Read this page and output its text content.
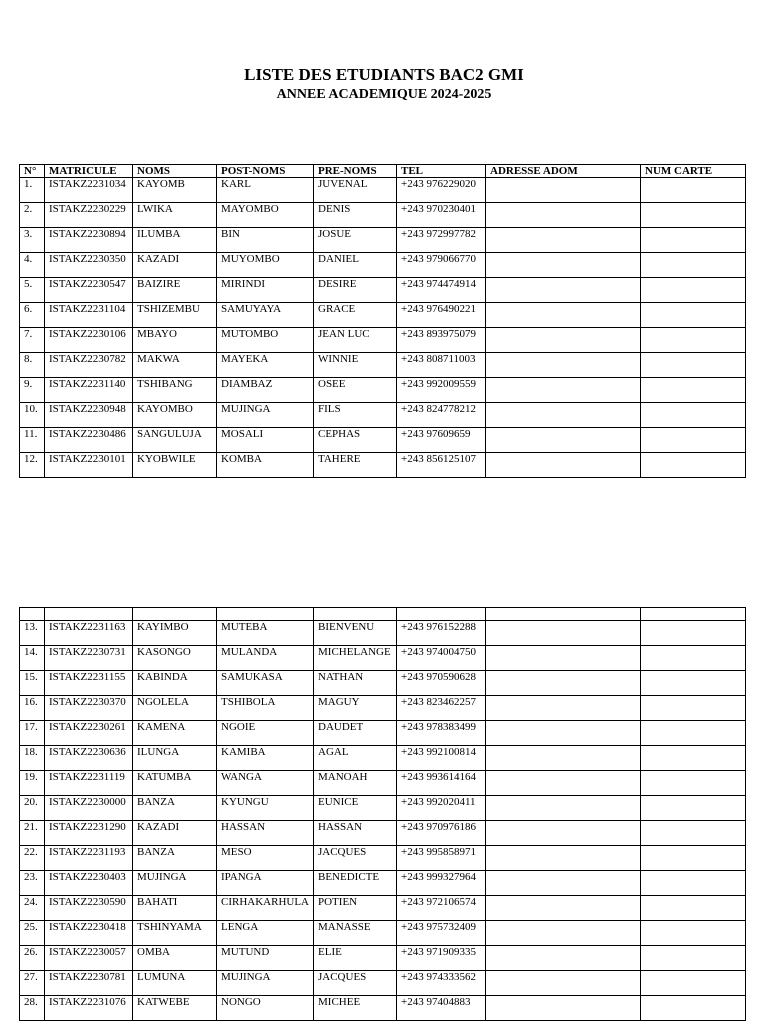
LISTE DES ETUDIANTS BAC2 GMI
ANNEE ACADEMIQUE 2024-2025
N°	MATRICULE	NOMS	POST-NOMS	PRE-NOMS	TEL	ADRESSE ADOM	NUM CARTE
1.	ISTAKZ2231034	KAYOMB	KARL	JUVENAL	+243 976229020		
2.	ISTAKZ2230229	LWIKA	MAYOMBO	DENIS	+243 970230401		
3.	ISTAKZ2230894	ILUMBA	BIN	JOSUE	+243 972997782		
4.	ISTAKZ2230350	KAZADI	MUYOMBO	DANIEL	+243 979066770		
5.	ISTAKZ2230547	BAIZIRE	MIRINDI	DESIRE	+243 974474914		
6.	ISTAKZ2231104	TSHIZEMBU	SAMUYAYA	GRACE	+243 976490221		
7.	ISTAKZ2230106	MBAYO	MUTOMBO	JEAN LUC	+243 893975079		
8.	ISTAKZ2230782	MAKWA	MAYEKA	WINNIE	+243 808711003		
9.	ISTAKZ2231140	TSHIBANG	DIAMBAZ	OSEE	+243 992009559		
10.	ISTAKZ2230948	KAYOMBO	MUJINGA	FILS	+243 824778212		
11.	ISTAKZ2230486	SANGULUJA	MOSALI	CEPHAS	+243 97609659		
12.	ISTAKZ2230101	KYOBWILE	KOMBA	TAHERE	+243 856125107		

13.	ISTAKZ2231163	KAYIMBO	MUTEBA	BIENVENU	+243 976152288		
14.	ISTAKZ2230731	KASONGO	MULANDA	MICHELANGE	+243 974004750		
15.	ISTAKZ2231155	KABINDA	SAMUKASA	NATHAN	+243 970590628		
16.	ISTAKZ2230370	NGOLELA	TSHIBOLA	MAGUY	+243 823462257		
17.	ISTAKZ2230261	KAMENA	NGOIE	DAUDET	+243 978383499		
18.	ISTAKZ2230636	ILUNGA	KAMIBA	AGAL	+243 992100814		
19.	ISTAKZ2231119	KATUMBA	WANGA	MANOAH	+243 993614164		
20.	ISTAKZ2230000	BANZA	KYUNGU	EUNICE	+243 992020411		
21.	ISTAKZ2231290	KAZADI	HASSAN	HASSAN	+243 970976186		
22.	ISTAKZ2231193	BANZA	MESO	JACQUES	+243 995858971		
23.	ISTAKZ2230403	MUJINGA	IPANGA	BENEDICTE	+243 999327964		
24.	ISTAKZ2230590	BAHATI	CIRHAKARHULA	POTIEN	+243 972106574		
25.	ISTAKZ2230418	TSHINYAMA	LENGA	MANASSE	+243 975732409		
26.	ISTAKZ2230057	OMBA	MUTUND	ELIE	+243 971909335		
27.	ISTAKZ2230781	LUMUNA	MUJINGA	JACQUES	+243 974333562		
28.	ISTAKZ2231076	KATWEBE	NONGO	MICHEE	+243 97404883		
